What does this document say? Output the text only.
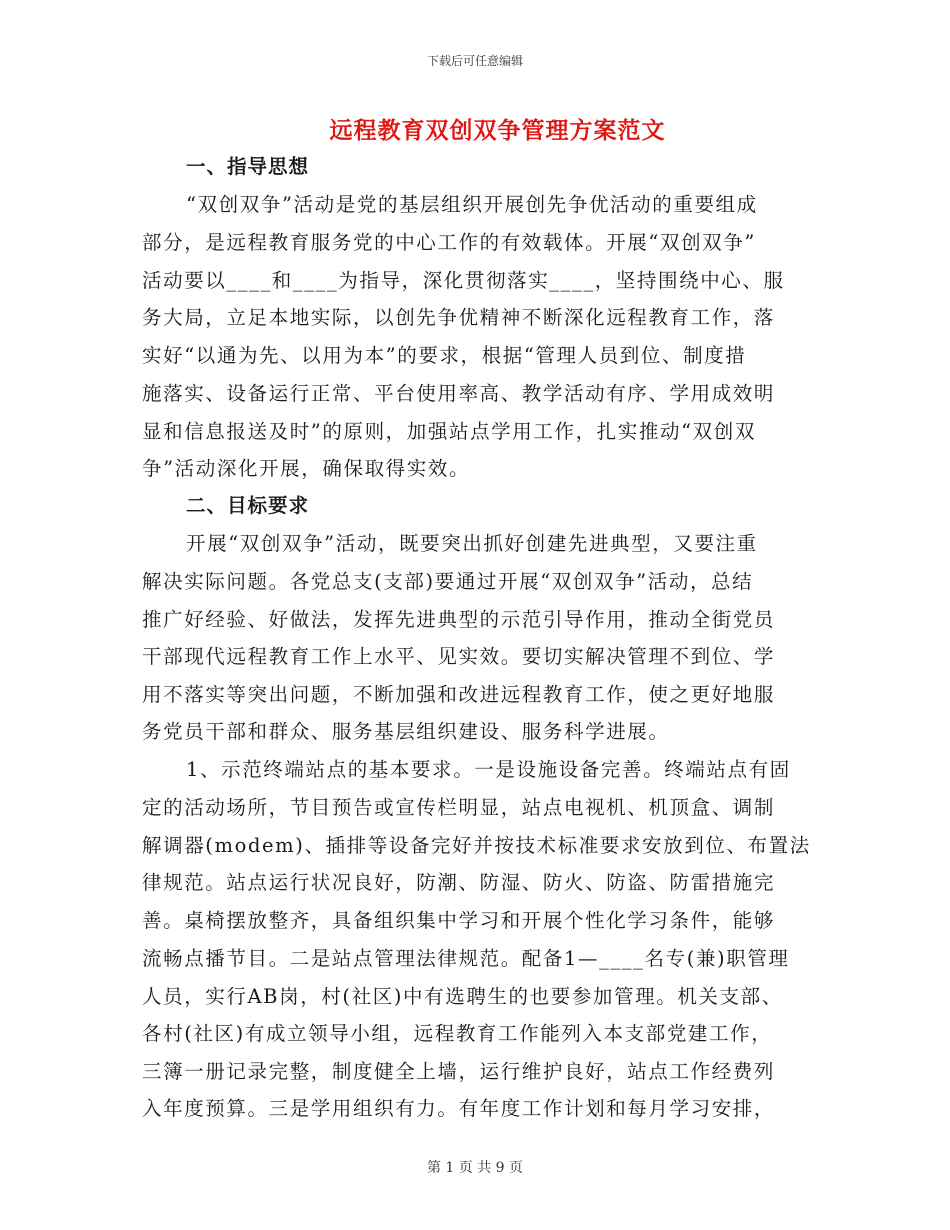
下载后可任意编辑
远程教育双创双争管理方案范文
一、指导思想
“双创双争”活动是党的基层组织开展创先争优活动的重要组成
部分，是远程教育服务党的中心工作的有效载体。开展“双创双争”
活动要以____和____为指导，深化贯彻落实____，坚持围绕中心、服
务大局，立足本地实际，以创先争优精神不断深化远程教育工作，落
实好“以通为先、以用为本”的要求，根据“管理人员到位、制度措
施落实、设备运行正常、平台使用率高、教学活动有序、学用成效明
显和信息报送及时”的原则，加强站点学用工作，扎实推动“双创双
争”活动深化开展，确保取得实效。
二、目标要求
开展“双创双争”活动，既要突出抓好创建先进典型，又要注重
解决实际问题。各党总支(支部)要通过开展“双创双争”活动，总结
推广好经验、好做法，发挥先进典型的示范引导作用，推动全街党员
干部现代远程教育工作上水平、见实效。要切实解决管理不到位、学
用不落实等突出问题，不断加强和改进远程教育工作，使之更好地服
务党员干部和群众、服务基层组织建设、服务科学进展。
1、示范终端站点的基本要求。一是设施设备完善。终端站点有固
定的活动场所，节目预告或宣传栏明显，站点电视机、机顶盒、调制
解调器(modem)、插排等设备完好并按技术标准要求安放到位、布置法
律规范。站点运行状况良好，防潮、防湿、防火、防盗、防雷措施完
善。桌椅摆放整齐，具备组织集中学习和开展个性化学习条件，能够
流畅点播节目。二是站点管理法律规范。配备1—____名专(兼)职管理
人员，实行AB岗，村(社区)中有选聘生的也要参加管理。机关支部、
各村(社区)有成立领导小组，远程教育工作能列入本支部党建工作，
三簿一册记录完整，制度健全上墙，运行维护良好，站点工作经费列
入年度预算。三是学用组织有力。有年度工作计划和每月学习安排，
第 1 页 共 9 页
